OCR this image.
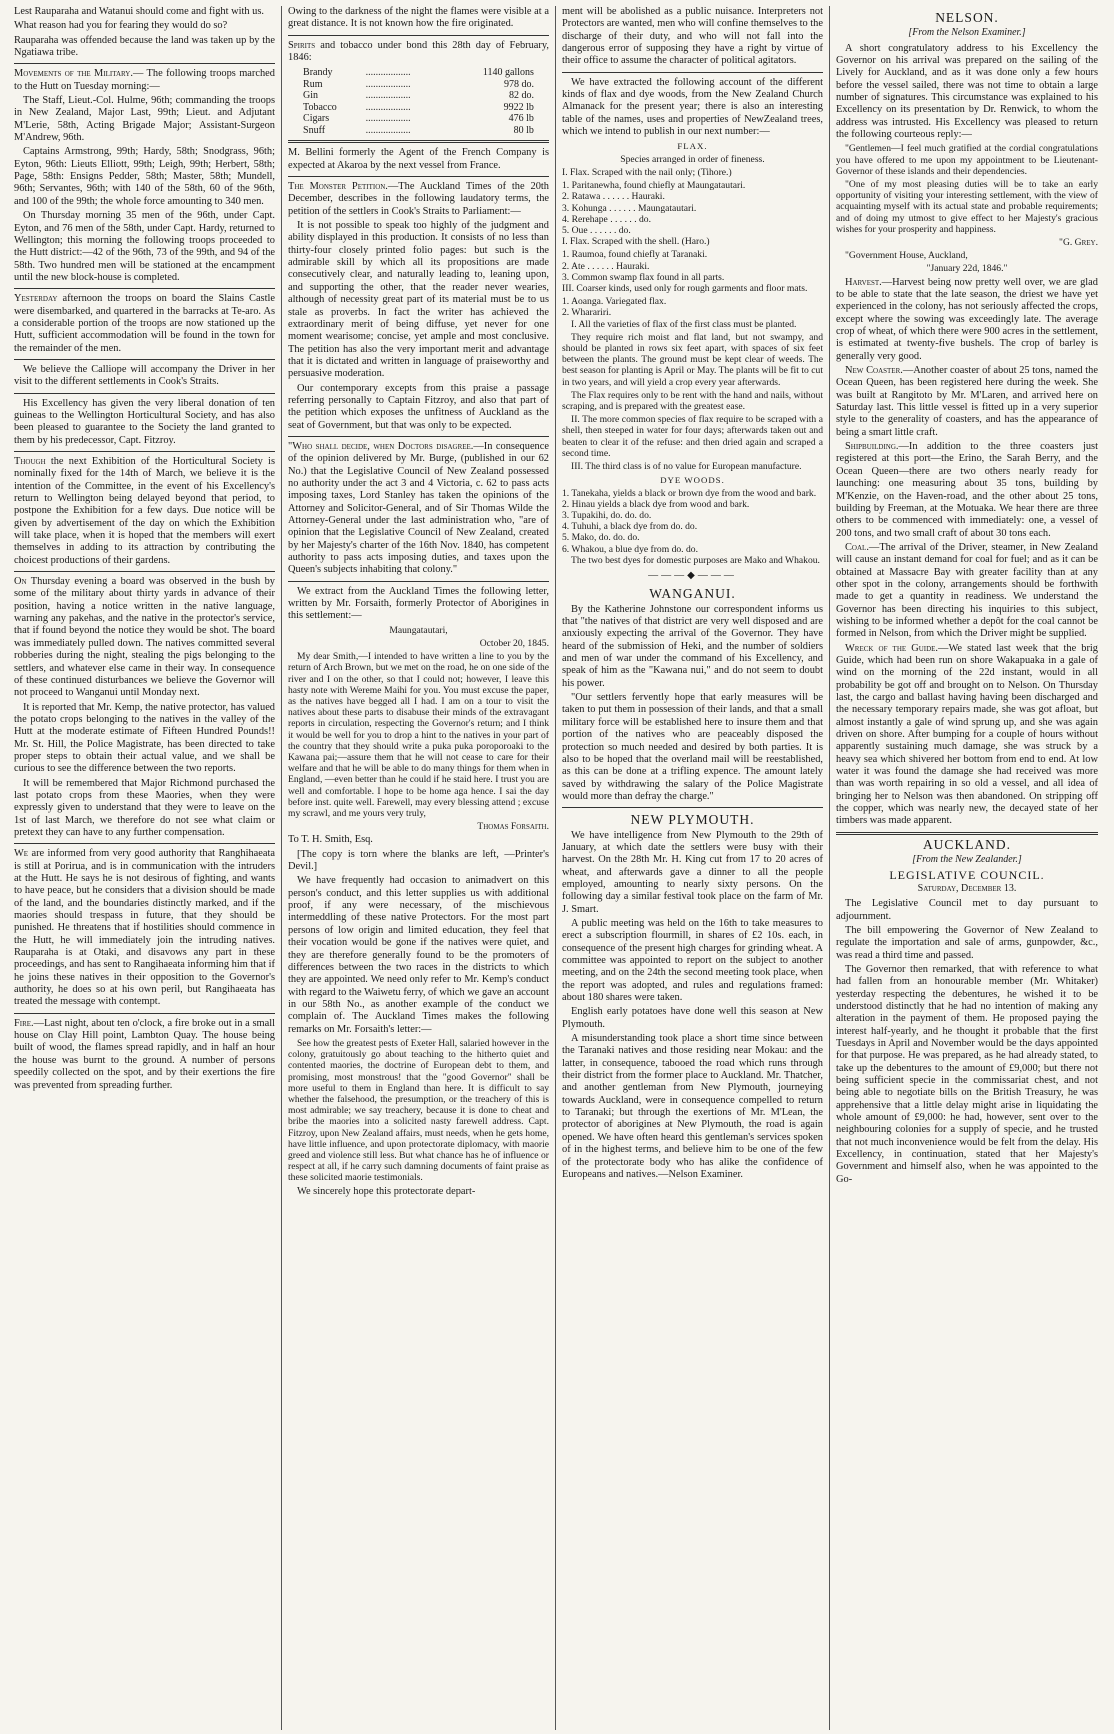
Lest Rauparaha and Watanui should come and fight with us.

What reason had you for fearing they would do so?

Rauparaha was offended because the land was taken up by the Ngatiawa tribe.

Movements of the Military.— The following troops marched to the Hutt on Tuesday morning:—

The Staff, Lieut.-Col. Hulme, 96th; commanding the troops in New Zealand, Major Last, 99th; Lieut. and Adjutant M'Lerie, 58th, Acting Brigade Major; Assistant-Surgeon M'Andrew, 96th.

Captains Armstrong, 99th; Hardy, 58th; Snodgrass, 96th; Eyton, 96th: Lieuts Elliott, 99th; Leigh, 99th; Herbert, 58th; Page, 58th: Ensigns Pedder, 58th; Master, 58th; Mundell, 96th; Servantes, 96th; with 140 of the 58th, 60 of the 96th, and 100 of the 99th; the whole force amounting to 340 men.

On Thursday morning 35 men of the 96th, under Capt. Eyton, and 76 men of the 58th, under Capt. Hardy, returned to Wellington; this morning the following troops proceeded to the Hutt district:—42 of the 96th, 73 of the 99th, and 94 of the 58th. Two hundred men will be stationed at the encampment until the new block-house is completed.

Yesterday afternoon the troops on board the Slains Castle were disembarked, and quartered in the barracks at Te-aro. As a considerable portion of the troops are now stationed up the Hutt, sufficient accommodation will be found in the town for the remainder of the men.

We believe the Calliope will accompany the Driver in her visit to the different settlements in Cook's Straits.

His Excellency has given the very liberal donation of ten guineas to the Wellington Horticultural Society, and has also been pleased to guarantee to the Society the land granted to them by his predecessor, Capt. Fitzroy.

Though the next Exhibition of the Horticultural Society is nominally fixed for the 14th of March, we believe it is the intention of the Committee, in the event of his Excellency's return to Wellington being delayed beyond that period, to postpone the Exhibition for a few days. Due notice will be given by advertisement of the day on which the Exhibition will take place, when it is hoped that the members will exert themselves in adding to its attraction by contributing the choicest productions of their gardens.

On Thursday evening a board was observed in the bush by some of the military about thirty yards in advance of their position, having a notice written in the native language, warning any pakehas, and the native in the protector's service, that if found beyond the notice they would be shot. The board was immediately pulled down. The natives committed several robberies during the night, stealing the pigs belonging to the settlers, and whatever else came in their way. In consequence of these continued disturbances we believe the Governor will not proceed to Wanganui until Monday next.

It is reported that Mr. Kemp, the native protector, has valued the potato crops belonging to the natives in the valley of the Hutt at the moderate estimate of Fifteen Hundred Pounds!! Mr. St. Hill, the Police Magistrate, has been directed to take proper steps to obtain their actual value, and we shall be curious to see the difference between the two reports.

It will be remembered that Major Richmond purchased the last potato crops from these Maories, when they were expressly given to understand that they were to leave on the 1st of last March, we therefore do not see what claim or pretext they can have to any further compensation.

We are informed from very good authority that Ranghihaeata is still at Porirua, and is in communication with the intruders at the Hutt. He says he is not desirous of fighting, and wants to have peace, but he considers that a division should be made of the land, and the boundaries distinctly marked, and if the maories should trespass in future, that they should be punished. He threatens that if hostilities should commence in the Hutt, he will immediately join the intruding natives. Rauparaha is at Otaki, and disavows any part in these proceedings, and has sent to Rangihaeata informing him that if he joins these natives in their opposition to the Governor's authority, he does so at his own peril, but Rangihaeata has treated the message with contempt.

Fire.—Last night, about ten o'clock, a fire broke out in a small house on Clay Hill point, Lambton Quay. The house being built of wood, the flames spread rapidly, and in half an hour the house was burnt to the ground. A number of persons speedily collected on the spot, and by their exertions the fire was prevented from spreading further.

Owing to the darkness of the night the flames were visible at a great distance. It is not known how the fire originated.

Spirits and tobacco under bond this 28th day of February, 1846:

Brandy	..................	1140 gallons
Rum	..................	978 do.
Gin	..................	82 do.
Tobacco	..................	9922 lb
Cigars	..................	476 lb
Snuff	..................	80 lb

M. Bellini formerly the Agent of the French Company is expected at Akaroa by the next vessel from France.

The Monster Petition.—The Auckland Times of the 20th December, describes in the following laudatory terms, the petition of the settlers in Cook's Straits to Parliament:—

It is not possible to speak too highly of the judgment and ability displayed in this production. It consists of no less than thirty-four closely printed folio pages: but such is the admirable skill by which all its propositions are made consecutively clear, and naturally leading to, leaning upon, and supporting the other, that the reader never wearies, although of necessity great part of its material must be to us stale as proverbs. In fact the writer has achieved the extraordinary merit of being diffuse, yet never for one moment wearisome; concise, yet ample and most conclusive. The petition has also the very important merit and advantage that it is dictated and written in language of praiseworthy and persuasive moderation.

Our contemporary excepts from this praise a passage referring personally to Captain Fitzroy, and also that part of the petition which exposes the unfitness of Auckland as the seat of Government, but that was only to be expected.

"Who shall decide, when Doctors disagree.—In consequence of the opinion delivered by Mr. Burge, (published in our 62 No.) that the Legislative Council of New Zealand possessed no authority under the act 3 and 4 Victoria, c. 62 to pass acts imposing taxes, Lord Stanley has taken the opinions of the Attorney and Solicitor-General, and of Sir Thomas Wilde the Attorney-General under the last administration who, "are of opinion that the Legislative Council of New Zealand, created by her Majesty's charter of the 16th Nov. 1840, has competent authority to pass acts imposing duties, and taxes upon the Queen's subjects inhabiting that colony."

We extract from the Auckland Times the following letter, written by Mr. Forsaith, formerly Protector of Aborigines in this settlement:—

Maungatautari,

October 20, 1845.

My dear Smith,—I intended to have written a line to you by the return of Arch Brown, but we met on the road, he on one side of the river and I on the other, so that I could not; however, I leave this hasty note with Wereme Maihi for you. You must excuse the paper, as the natives have begged all I had. I am on a tour to visit the natives about these parts to disabuse their minds of the extravagant reports in circulation, respecting the Governor's return; and I think it would be well for you to drop a hint to the natives in your part of the country that they should write a puka puka poroporoaki to the Kawana pai;—assure them that he will not cease to care for their welfare and that he will be able to do many things for them when in England, —even better than he could if he staid here. I trust you are well and comfortable. I hope to be home aga hence. I sai the day before inst. quite well. Farewell, may every blessing attend ; excuse my scrawl, and me yours very truly,

Thomas Forsaith.

To T. H. Smith, Esq.

[The copy is torn where the blanks are left, —Printer's Devil.]

We have frequently had occasion to animadvert on this person's conduct, and this letter supplies us with additional proof, if any were necessary, of the mischievous intermeddling of these native Protectors. For the most part persons of low origin and limited education, they feel that their vocation would be gone if the natives were quiet, and they are therefore generally found to be the promoters of differences between the two races in the districts to which they are appointed. We need only refer to Mr. Kemp's conduct with regard to the Waiwetu ferry, of which we gave an account in our 58th No., as another example of the conduct we complain of. The Auckland Times makes the following remarks on Mr. Forsaith's letter:—

See how the greatest pests of Exeter Hall, salaried however in the colony, gratuitously go about teaching to the hitherto quiet and contented maories, the doctrine of European debt to them, and promising, most monstrous! that the "good Governor" shall be more useful to them in England than here. It is difficult to say whether the falsehood, the presumption, or the treachery of this is most admirable; we say treachery, because it is done to cheat and bribe the maories into a solicited nasty farewell address. Capt. Fitzroy, upon New Zealand affairs, must needs, when he gets home, have little influence, and upon protectorate diplomacy, with maorie greed and violence still less. But what chance has he of influence or respect at all, if he carry such damning documents of faint praise as these solicited maorie testimonials.

We sincerely hope this protectorate depart-

ment will be abolished as a public nuisance. Interpreters not Protectors are wanted, men who will confine themselves to the discharge of their duty, and who will not fall into the dangerous error of supposing they have a right by virtue of their office to assume the character of political agitators.

We have extracted the following account of the different kinds of flax and dye woods, from the New Zealand Church Almanack for the present year; there is also an interesting table of the names, uses and properties of NewZealand trees, which we intend to publish in our next number:—

FLAX.

Species arranged in order of fineness.

I. Flax. Scraped with the nail only; (Tihore.)

1. Paritanewha, found chiefly at Maungatautari.
2. Ratawa . . . . . . Hauraki.
3. Kohunga . . . . . . Maungatautari.
4. Rerehape . . . . . . do.
5. Oue . . . . . . do.

I. Flax. Scraped with the shell. (Haro.)

1. Raumoa, found chiefly at Taranaki.
2. Ate . . . . . . Hauraki.
3. Common swamp flax found in all parts.

III. Coarser kinds, used only for rough garments and floor mats.

1. Aoanga. Variegated flax.
2. Wharariri.

I. All the varieties of flax of the first class must be planted.

They require rich moist and flat land, but not swampy, and should be planted in rows six feet apart, with spaces of six feet between the plants. The ground must be kept clear of weeds. The best season for planting is April or May. The plants will be fit to cut in two years, and will yield a crop every year afterwards.

The Flax requires only to be rent with the hand and nails, without scraping, and is prepared with the greatest ease.

II. The more common species of flax require to be scraped with a shell, then steeped in water for four days; afterwards taken out and beaten to clear it of the refuse: and then dried again and scraped a second time.

III. The third class is of no value for European manufacture.

DYE WOODS.
1. Tanekaha, yields a black or brown dye from the wood and bark.
2. Hinau yields a black dye from wood and bark.
3. Tupakihi, do. do. do.
4. Tuhuhi, a black dye from do. do.
5. Mako, do. do. do.
6. Whakou, a blue dye from do. do.

The two best dyes for domestic purposes are Mako and Whakou.

———◆———
WANGANUI.

By the Katherine Johnstone our correspondent informs us that "the natives of that district are very well disposed and are anxiously expecting the arrival of the Governor. They have heard of the submission of Heki, and the number of soldiers and men of war under the command of his Excellency, and speak of him as the "Kawana nui," and do not seem to doubt his power.

"Our settlers fervently hope that early measures will be taken to put them in possession of their lands, and that a small military force will be established here to insure them and that portion of the natives who are peaceably disposed the protection so much needed and desired by both parties. It is also to be hoped that the overland mail will be reestablished, as this can be done at a trifling expence. The amount lately saved by withdrawing the salary of the Police Magistrate would more than defray the charge."

NEW PLYMOUTH.

We have intelligence from New Plymouth to the 29th of January, at which date the settlers were busy with their harvest. On the 28th Mr. H. King cut from 17 to 20 acres of wheat, and afterwards gave a dinner to all the people employed, amounting to nearly sixty persons. On the following day a similar festival took place on the farm of Mr. J. Smart.

A public meeting was held on the 16th to take measures to erect a subscription flourmill, in shares of £2 10s. each, in consequence of the present high charges for grinding wheat. A committee was appointed to report on the subject to another meeting, and on the 24th the second meeting took place, when the report was adopted, and rules and regulations framed: about 180 shares were taken.

English early potatoes have done well this season at New Plymouth.

A misunderstanding took place a short time since between the Taranaki natives and those residing near Mokau: and the latter, in consequence, tabooed the road which runs through their district from the former place to Auckland. Mr. Thatcher, and another gentleman from New Plymouth, journeying towards Auckland, were in consequence compelled to return to Taranaki; but through the exertions of Mr. M'Lean, the protector of aborigines at New Plymouth, the road is again opened. We have often heard this gentleman's services spoken of in the highest terms, and believe him to be one of the few of the protectorate body who has alike the confidence of Europeans and natives.—Nelson Examiner.

NELSON.
[From the Nelson Examiner.]

A short congratulatory address to his Excellency the Governor on his arrival was prepared on the sailing of the Lively for Auckland, and as it was done only a few hours before the vessel sailed, there was not time to obtain a large number of signatures. This circumstance was explained to his Excellency on its presentation by Dr. Renwick, to whom the address was intrusted. His Excellency was pleased to return the following courteous reply:—

"Gentlemen—I feel much gratified at the cordial congratulations you have offered to me upon my appointment to be Lieutenant-Governor of these islands and their dependencies.

"One of my most pleasing duties will be to take an early opportunity of visiting your interesting settlement, with the view of acquainting myself with its actual state and probable requirements; and of doing my utmost to give effect to her Majesty's gracious wishes for your prosperity and happiness.

"G. Grey.

"Government House, Auckland,

"January 22d, 1846."

Harvest.—Harvest being now pretty well over, we are glad to be able to state that the late season, the driest we have yet experienced in the colony, has not seriously affected the crops, except where the sowing was exceedingly late. The average crop of wheat, of which there were 900 acres in the settlement, is estimated at twenty-five bushels. The crop of barley is generally very good.

New Coaster.—Another coaster of about 25 tons, named the Ocean Queen, has been registered here during the week. She was built at Rangitoto by Mr. M'Laren, and arrived here on Saturday last. This little vessel is fitted up in a very superior style to the generality of coasters, and has the appearance of being a smart little craft.

Shipbuilding.—In addition to the three coasters just registered at this port—the Erino, the Sarah Berry, and the Ocean Queen—there are two others nearly ready for launching: one measuring about 35 tons, building by M'Kenzie, on the Haven-road, and the other about 25 tons, building by Freeman, at the Motuaka. We hear there are three others to be commenced with immediately: one, a vessel of 200 tons, and two small craft of about 30 tons each.

Coal.—The arrival of the Driver, steamer, in New Zealand will cause an instant demand for coal for fuel; and as it can be obtained at Massacre Bay with greater facility than at any other spot in the colony, arrangements should be forthwith made to get a quantity in readiness. We understand the Governor has been directing his inquiries to this subject, wishing to be informed whether a depôt for the coal cannot be formed in Nelson, from which the Driver might be supplied.

Wreck of the Guide.—We stated last week that the brig Guide, which had been run on shore Wakapuaka in a gale of wind on the morning of the 22d instant, would in all probability be got off and brought on to Nelson. On Thursday last, the cargo and ballast having having been discharged and the necessary temporary repairs made, she was got afloat, but almost instantly a gale of wind sprung up, and she was again driven on shore. After bumping for a couple of hours without apparently sustaining much damage, she was struck by a heavy sea which shivered her bottom from end to end. At low water it was found the damage she had received was more than was worth repairing in so old a vessel, and all idea of bringing her to Nelson was then abandoned. On stripping off the copper, which was nearly new, the decayed state of her timbers was made apparent.

AUCKLAND.
[From the New Zealander.]
LEGISLATIVE COUNCIL.
Saturday, December 13.

The Legislative Council met to day pursuant to adjournment.

The bill empowering the Governor of New Zealand to regulate the importation and sale of arms, gunpowder, &c., was read a third time and passed.

The Governor then remarked, that with reference to what had fallen from an honourable member (Mr. Whitaker) yesterday respecting the debentures, he wished it to be understood distinctly that he had no intention of making any alteration in the payment of them. He proposed paying the interest half-yearly, and he thought it probable that the first Tuesdays in April and November would be the days appointed for that purpose. He was prepared, as he had already stated, to take up the debentures to the amount of £9,000; but there not being sufficient specie in the commissariat chest, and not being able to negotiate bills on the British Treasury, he was apprehensive that a little delay might arise in liquidating the whole amount of £9,000: he had, however, sent over to the neighbouring colonies for a supply of specie, and he trusted that not much inconvenience would be felt from the delay. His Excellency, in continuation, stated that her Majesty's Government and himself also, when he was appointed to the Go-
